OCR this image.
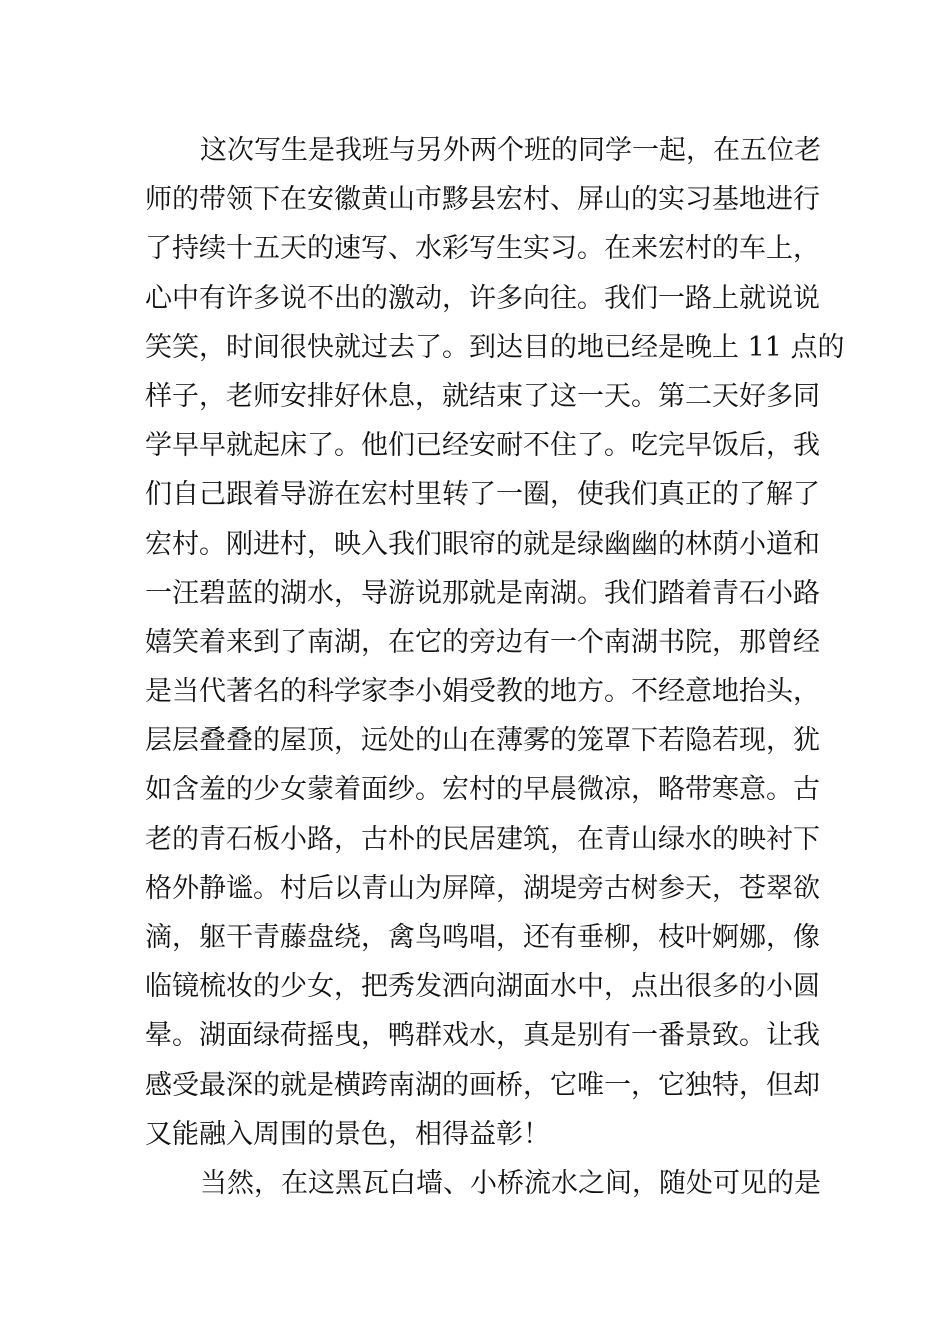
这次写生是我班与另外两个班的同学一起，在五位老
师的带领下在安徽黄山市黟县宏村、屏山的实习基地进行
了持续十五天的速写、水彩写生实习。在来宏村的车上，
心中有许多说不出的激动，许多向往。我们一路上就说说
笑笑，时间很快就过去了。到达目的地已经是晚上 11 点的
样子，老师安排好休息，就结束了这一天。第二天好多同
学早早就起床了。他们已经安耐不住了。吃完早饭后，我
们自己跟着导游在宏村里转了一圈，使我们真正的了解了
宏村。刚进村，映入我们眼帘的就是绿幽幽的林荫小道和
一汪碧蓝的湖水，导游说那就是南湖。我们踏着青石小路
嬉笑着来到了南湖，在它的旁边有一个南湖书院，那曾经
是当代著名的科学家李小娟受教的地方。不经意地抬头，
层层叠叠的屋顶，远处的山在薄雾的笼罩下若隐若现，犹
如含羞的少女蒙着面纱。宏村的早晨微凉，略带寒意。古
老的青石板小路，古朴的民居建筑，在青山绿水的映衬下
格外静谧。村后以青山为屏障，湖堤旁古树参天，苍翠欲
滴，躯干青藤盘绕，禽鸟鸣唱，还有垂柳，枝叶婀娜，像
临镜梳妆的少女，把秀发洒向湖面水中，点出很多的小圆
晕。湖面绿荷摇曳，鸭群戏水，真是别有一番景致。让我
感受最深的就是横跨南湖的画桥，它唯一，它独特，但却
又能融入周围的景色，相得益彰！
当然，在这黑瓦白墙、小桥流水之间，随处可见的是
